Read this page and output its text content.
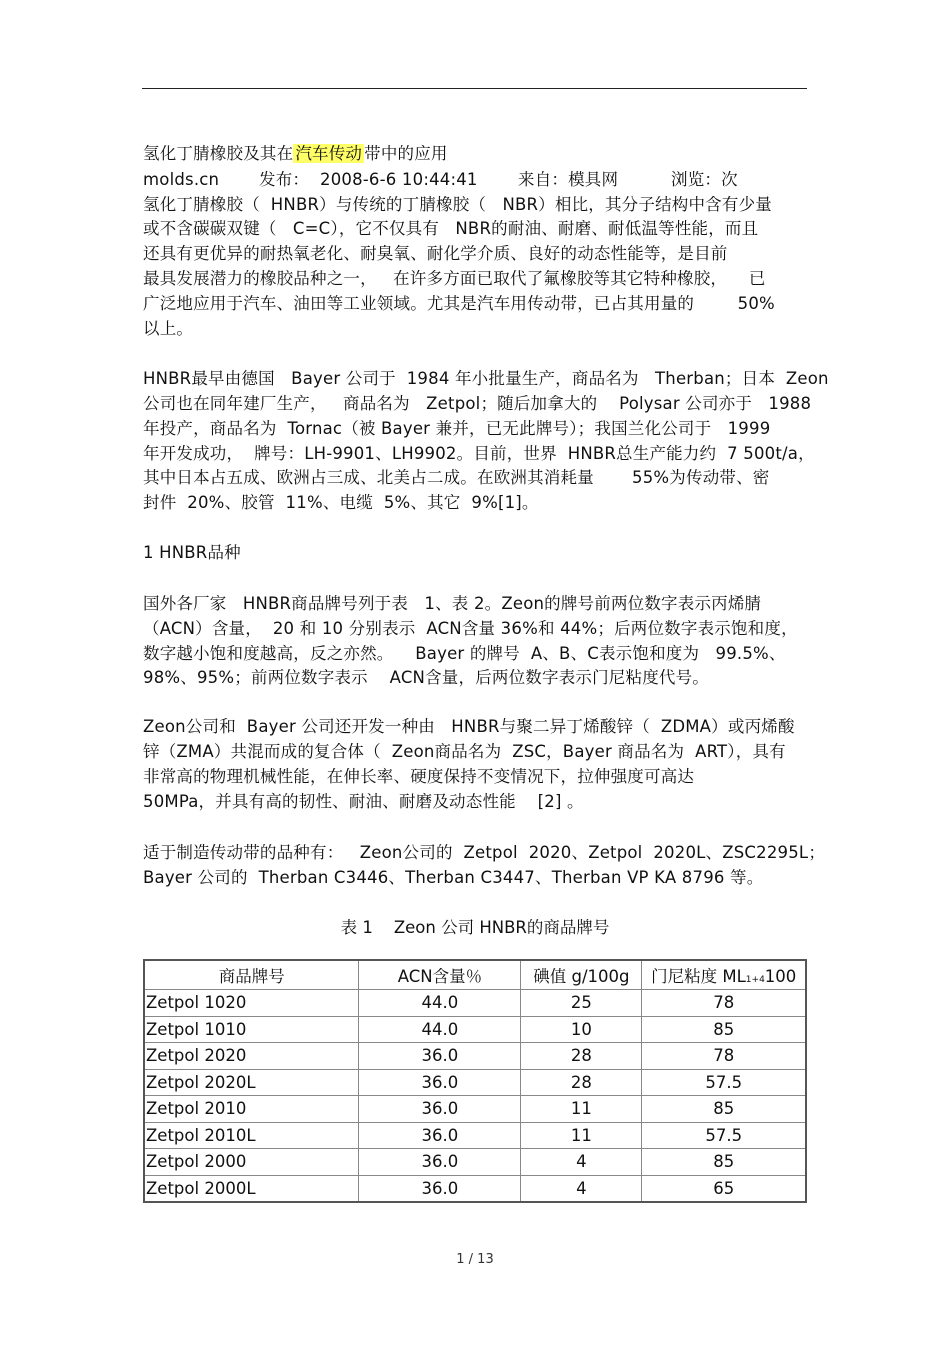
氢化丁腈橡胶及其在 汽车传动 带中的应用
molds.cn 发布：  2008-6-6 10:44:41 来自：模具网	浏览：次
氢化丁腈橡胶（  HNBR）与传统的丁腈橡胶（   NBR）相比，其分子结构中含有少量
或不含碳碳双键（   C=C），它不仅具有   NBR的耐油、耐磨、耐低温等性能，而且
还具有更优异的耐热氧老化、耐臭氧、耐化学介质、良好的动态性能等，是目前
最具发展潜力的橡胶品种之一，   在许多方面已取代了氟橡胶等其它特种橡胶，    已
广泛地应用于汽车、油田等工业领域。尤其是汽车用传动带，已占其用量的        50%
以上。
HNBR最早由德国   Bayer 公司于  1984 年小批量生产，商品名为   Therban；日本  Zeon
公司也在同年建厂生产，   商品名为   Zetpol；随后加拿大的    Polysar 公司亦于   1988
年投产，商品名为  Tornac（被 Bayer 兼并，已无此牌号）；我国兰化公司于   1999
年开发成功，  牌号：LH-9901、LH9902。目前，世界  HNBR总生产能力约  7 500t/a，
其中日本占五成、欧洲占三成、北美占二成。在欧洲其消耗量       55%为传动带、密
封件  20%、胶管  11%、电缆  5%、其它  9%[1]。
1 HNBR品种
国外各厂家   HNBR商品牌号列于表   1、表 2。Zeon的牌号前两位数字表示丙烯腈
（ACN）含量，  20 和 10 分别表示  ACN含量 36%和 44%；后两位数字表示饱和度，
数字越小饱和度越高，反之亦然。    Bayer 的牌号  A、B、C表示饱和度为   99.5%、
98%、95%；前两位数字表示    ACN含量，后两位数字表示门尼粘度代号。
Zeon公司和  Bayer 公司还开发一种由   HNBR与聚二异丁烯酸锌（  ZDMA）或丙烯酸
锌（ZMA）共混而成的复合体（  Zeon商品名为  ZSC，Bayer 商品名为  ART），具有
非常高的物理机械性能，在伸长率、硬度保持不变情况下，拉伸强度可高达
50MPa，并具有高的韧性、耐油、耐磨及动态性能    [2] 。
适于制造传动带的品种有：   Zeon公司的  Zetpol  2020、Zetpol  2020L、ZSC2295L；
Bayer 公司的  Therban C3446、Therban C3447、Therban VP KA 8796 等。
表 1    Zeon 公司 HNBR的商品牌号
商品牌号	ACN含量％	碘值 g/100g	门尼粘度 ML1+4100
Zetpol 1020	44.0	25	78
Zetpol 1010	44.0	10	85
Zetpol 2020	36.0	28	78
Zetpol 2020L	36.0	28	57.5
Zetpol 2010	36.0	11	85
Zetpol 2010L	36.0	11	57.5
Zetpol 2000	36.0	4	85
Zetpol 2000L	36.0	4	65
1 / 13
